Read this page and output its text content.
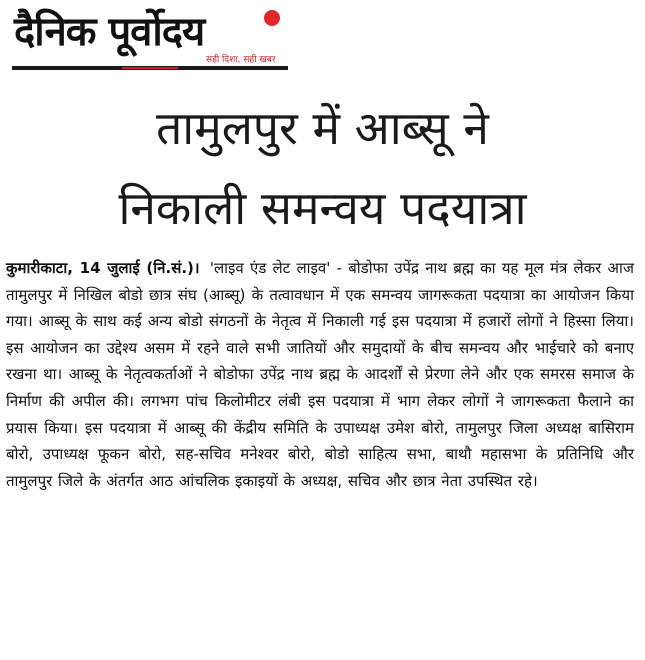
दैनिक पूर्वोदय
सही दिशा, सही खबर
तामुलपुर में आब्सू ने
निकाली समन्वय पदयात्रा

कुमारीकाटा, 14 जुलाई (नि.सं.)। 'लाइव एंड लेट लाइव' - बोडोफा उपेंद्र नाथ ब्रह्म का यह मूल मंत्र लेकर आज तामुलपुर में निखिल बोडो छात्र संघ (आब्सू) के तत्वावधान में एक समन्वय जागरूकता पदयात्रा का आयोजन किया गया। आब्सू के साथ कई अन्य बोडो संगठनों के नेतृत्व में निकाली गई इस पदयात्रा में हजारों लोगों ने हिस्सा लिया। इस आयोजन का उद्देश्य असम में रहने वाले सभी जातियों और समुदायों के बीच समन्वय और भाईचारे को बनाए रखना था। आब्सू के नेतृत्वकर्ताओं ने बोडोफा उपेंद्र नाथ ब्रह्म के आदर्शों से प्रेरणा लेने और एक समरस समाज के निर्माण की अपील की। लगभग पांच किलोमीटर लंबी इस पदयात्रा में भाग लेकर लोगों ने जागरूकता फैलाने का प्रयास किया। इस पदयात्रा में आब्सू की केंद्रीय समिति के उपाध्यक्ष उमेश बोरो, तामुलपुर जिला अध्यक्ष बासिराम बोरो, उपाध्यक्ष फूकन बोरो, सह-सचिव मनेश्वर बोरो, बोडो साहित्य सभा, बाथौ महासभा के प्रतिनिधि और तामुलपुर जिले के अंतर्गत आठ आंचलिक इकाइयों के अध्यक्ष, सचिव और छात्र नेता उपस्थित रहे।
